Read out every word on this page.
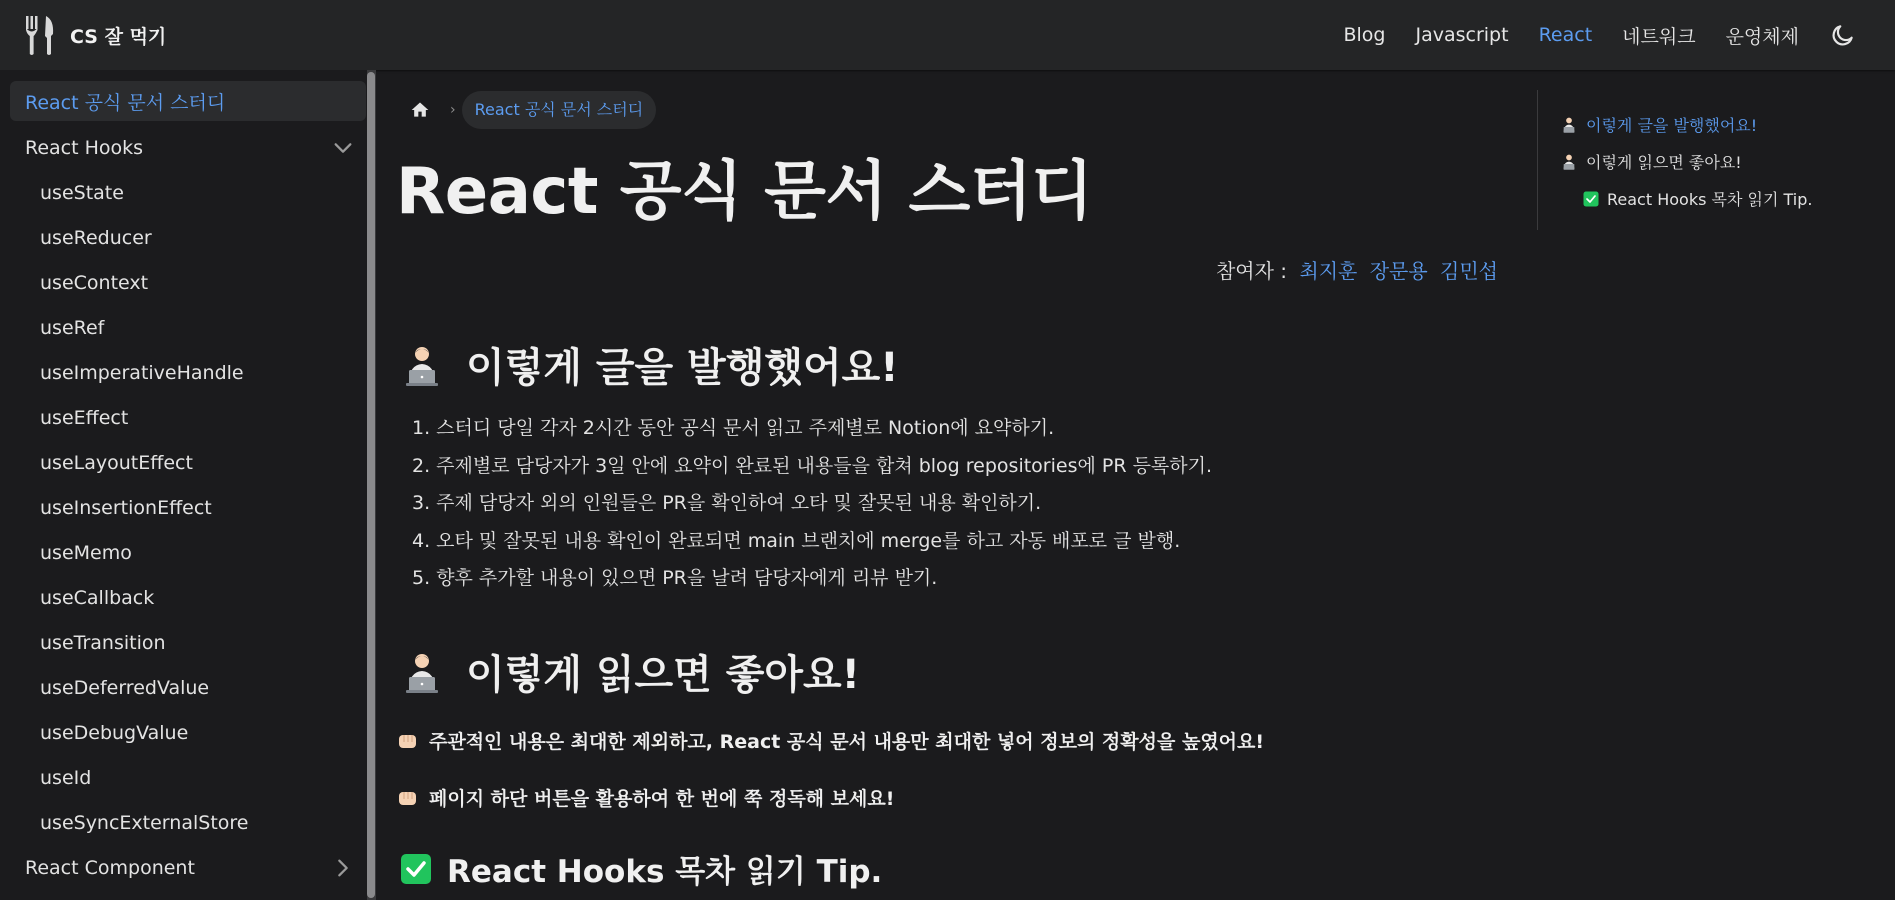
CS 잘 먹기	Blog Javascript React 네트워크 운영체제
React 공식 문서 스터디
React Hooks
useState
useReducer
useContext
useRef
useImperativeHandle
useEffect
useLayoutEffect
useInsertionEffect
useMemo
useCallback
useTransition
useDeferredValue
useDebugValue
useId
useSyncExternalStore
React Component
›	React 공식 문서 스터디
React 공식 문서 스터디
참여자 : 최지훈 장문용 김민섭
이렇게 글을 발행했어요!
1. 스터디 당일 각자 2시간 동안 공식 문서 읽고 주제별로 Notion에 요약하기.
2. 주제별로 담당자가 3일 안에 요약이 완료된 내용들을 합쳐 blog repositories에 PR 등록하기.
3. 주제 담당자 외의 인원들은 PR을 확인하여 오타 및 잘못된 내용 확인하기.
4. 오타 및 잘못된 내용 확인이 완료되면 main 브랜치에 merge를 하고 자동 배포로 글 발행.
5. 향후 추가할 내용이 있으면 PR을 날려 담당자에게 리뷰 받기.
이렇게 읽으면 좋아요!
주관적인 내용은 최대한 제외하고, React 공식 문서 내용만 최대한 넣어 정보의 정확성을 높였어요!
페이지 하단 버튼을 활용하여 한 번에 쭉 정독해 보세요!
React Hooks 목차 읽기 Tip.
이렇게 글을 발행했어요!
이렇게 읽으면 좋아요!
React Hooks 목차 읽기 Tip.
